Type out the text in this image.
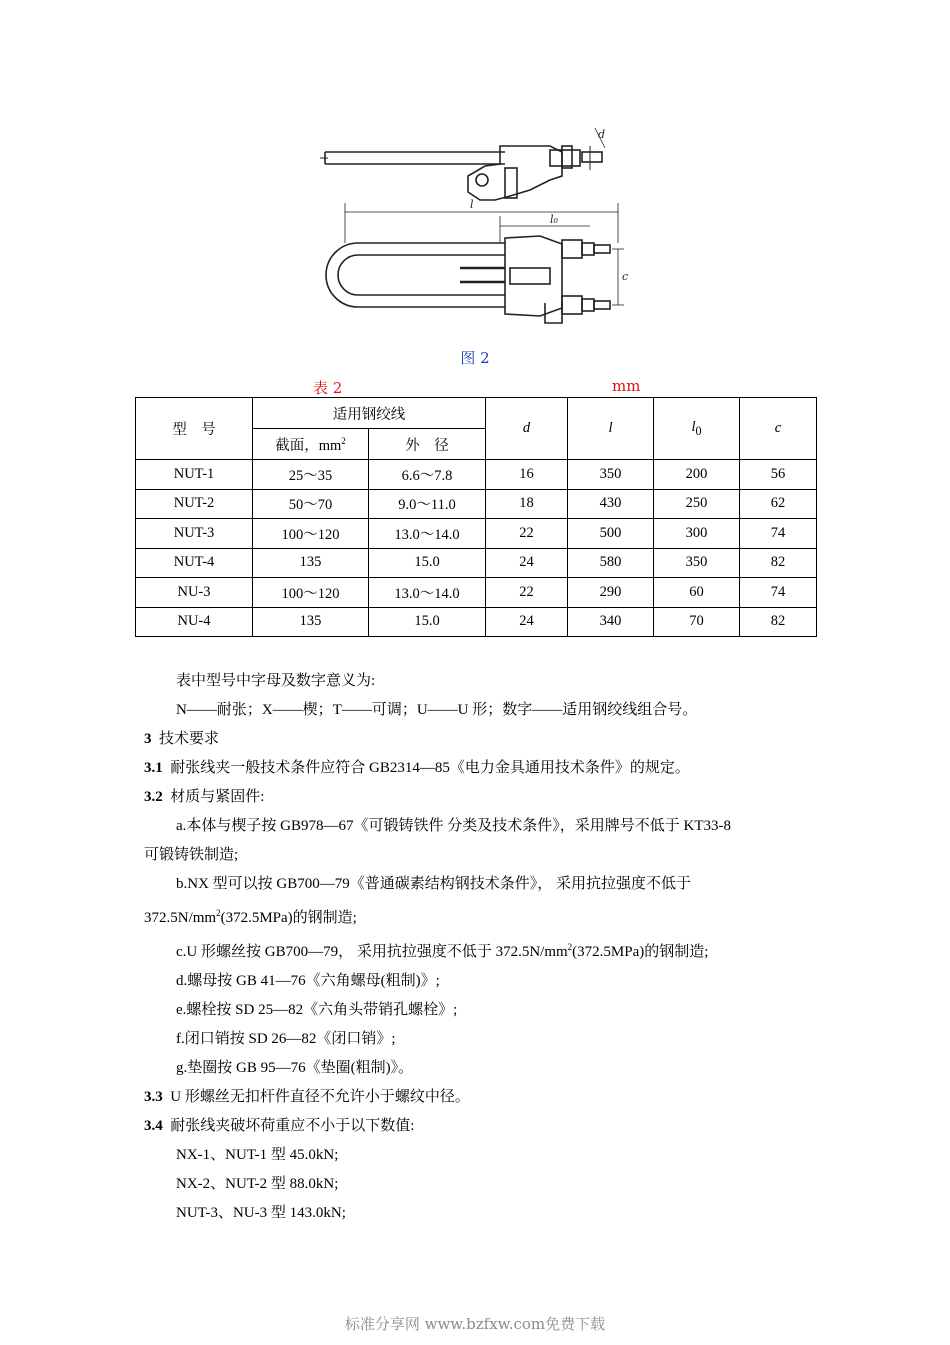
d
l
l₀
c
图 2
表 2	mm
型　号	适用钢绞线		d	l	$l_0$	c
	截面，$mm^2$	外　径				
NUT-1	25～35	6.6～7.8	16	350	200	56
NUT-2	50～70	9.0～11.0	18	430	250	62
NUT-3	100～120	13.0～14.0	22	500	300	74
NUT-4	135	15.0	24	580	350	82
NU-3	100～120	13.0～14.0	22	290	60	74
NU-4	135	15.0	24	340	70	82

表中型号中字母及数字意义为:

N——耐张；X——楔；T——可调；U——U 形；数字——适用钢绞线组合号。

3 技术要求

3.1 耐张线夹一般技术条件应符合 GB2314—85《电力金具通用技术条件》的规定。

3.2 材质与紧固件:

a.本体与楔子按 GB978—67《可锻铸铁件 分类及技术条件》，采用牌号不低于 KT33-8

可锻铸铁制造;

b.NX 型可以按 GB700—79《普通碳素结构钢技术条件》， 采用抗拉强度不低于

$372.5N/mm^2(372.5MPa)$的钢制造;

c.U 形螺丝按 GB700—79， 采用抗拉强度不低于 $372.5N/mm^2(372.5MPa)$的钢制造;

d.螺母按 GB 41—76《六角螺母(粗制)》;

e.螺栓按 SD 25—82《六角头带销孔螺栓》;

f.闭口销按 SD 26—82《闭口销》;

g.垫圈按 GB 95—76《垫圈(粗制)》。

3.3 U 形螺丝无扣杆件直径不允许小于螺纹中径。

3.4 耐张线夹破坏荷重应不小于以下数值:

NX-1、NUT-1 型 45.0kN;

NX-2、NUT-2 型 88.0kN;

NUT-3、NU-3 型 143.0kN;

标准分享网 www.bzfxw.com免费下载
